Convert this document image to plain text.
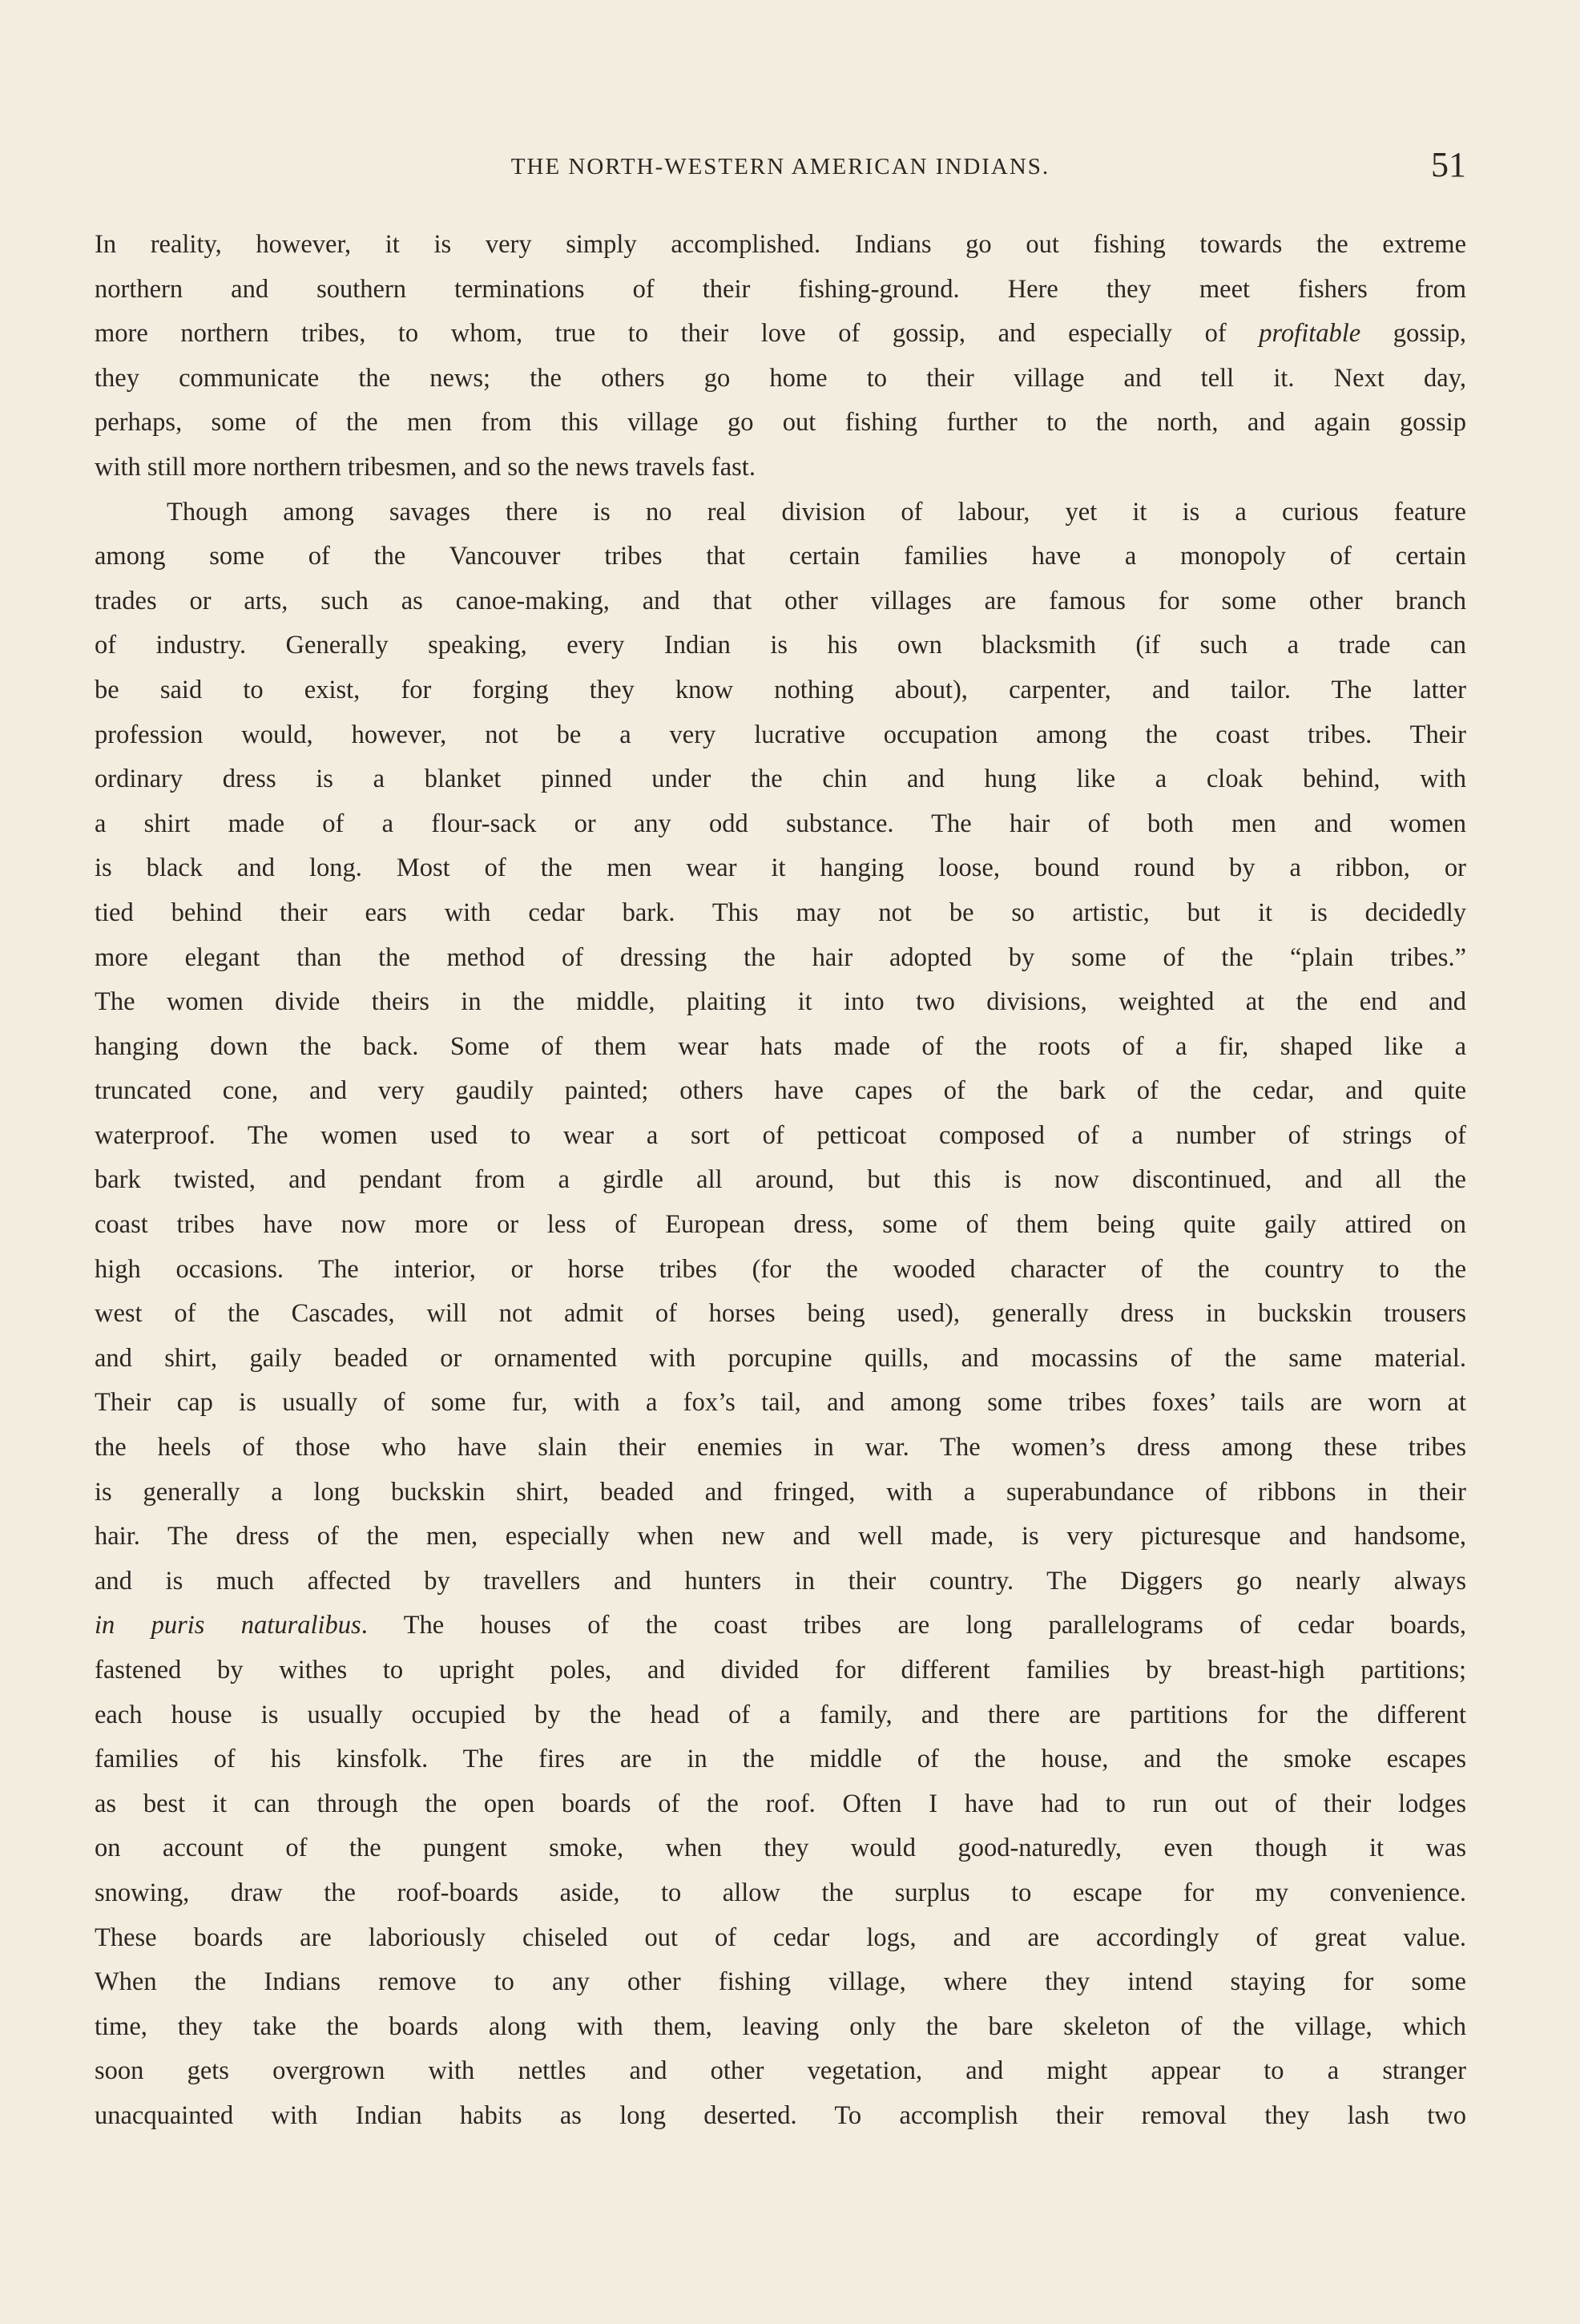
THE NORTH-WESTERN AMERICAN INDIANS.	51

In reality, however, it is very simply accomplished. Indians go out fishing towards the extreme
northern and southern terminations of their fishing-ground. Here they meet fishers from
more northern tribes, to whom, true to their love of gossip, and especially of profitable gossip,
they communicate the news; the others go home to their village and tell it. Next day,
perhaps, some of the men from this village go out fishing further to the north, and again gossip
with still more northern tribesmen, and so the news travels fast.

Though among savages there is no real division of labour, yet it is a curious feature
among some of the Vancouver tribes that certain families have a monopoly of certain
trades or arts, such as canoe-making, and that other villages are famous for some other branch
of industry. Generally speaking, every Indian is his own blacksmith (if such a trade can
be said to exist, for forging they know nothing about), carpenter, and tailor. The latter
profession would, however, not be a very lucrative occupation among the coast tribes. Their
ordinary dress is a blanket pinned under the chin and hung like a cloak behind, with
a shirt made of a flour-sack or any odd substance. The hair of both men and women
is black and long. Most of the men wear it hanging loose, bound round by a ribbon, or
tied behind their ears with cedar bark. This may not be so artistic, but it is decidedly
more elegant than the method of dressing the hair adopted by some of the “plain tribes.”
The women divide theirs in the middle, plaiting it into two divisions, weighted at the end and
hanging down the back. Some of them wear hats made of the roots of a fir, shaped like a
truncated cone, and very gaudily painted; others have capes of the bark of the cedar, and quite
waterproof. The women used to wear a sort of petticoat composed of a number of strings of
bark twisted, and pendant from a girdle all around, but this is now discontinued, and all the
coast tribes have now more or less of European dress, some of them being quite gaily attired on
high occasions. The interior, or horse tribes (for the wooded character of the country to the
west of the Cascades, will not admit of horses being used), generally dress in buckskin trousers
and shirt, gaily beaded or ornamented with porcupine quills, and mocassins of the same material.
Their cap is usually of some fur, with a fox’s tail, and among some tribes foxes’ tails are worn at
the heels of those who have slain their enemies in war. The women’s dress among these tribes
is generally a long buckskin shirt, beaded and fringed, with a superabundance of ribbons in their
hair. The dress of the men, especially when new and well made, is very picturesque and handsome,
and is much affected by travellers and hunters in their country. The Diggers go nearly always
in puris naturalibus. The houses of the coast tribes are long parallelograms of cedar boards,
fastened by withes to upright poles, and divided for different families by breast-high partitions;
each house is usually occupied by the head of a family, and there are partitions for the different
families of his kinsfolk. The fires are in the middle of the house, and the smoke escapes
as best it can through the open boards of the roof. Often I have had to run out of their lodges
on account of the pungent smoke, when they would good-naturedly, even though it was
snowing, draw the roof-boards aside, to allow the surplus to escape for my convenience.
These boards are laboriously chiseled out of cedar logs, and are accordingly of great value.
When the Indians remove to any other fishing village, where they intend staying for some
time, they take the boards along with them, leaving only the bare skeleton of the village, which
soon gets overgrown with nettles and other vegetation, and might appear to a stranger
unacquainted with Indian habits as long deserted. To accomplish their removal they lash two
